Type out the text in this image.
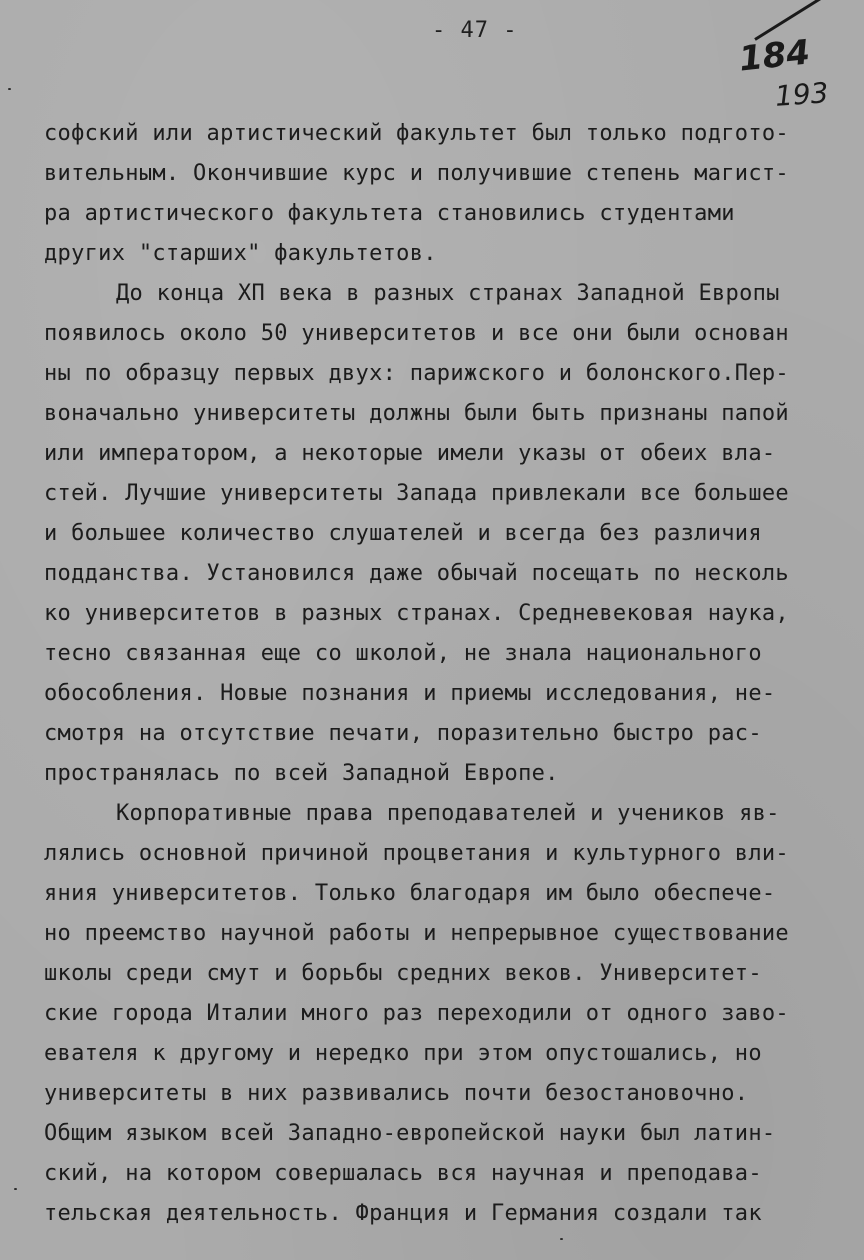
- 47 -
184
193
софский или артистический факультет был только подгото-
вительным. Окончившие курс и получившие степень магист-
ра артистического факультета становились студентами
других "старших" факультетов.
До конца XП века в разных странах Западной Европы
появилось около 50 университетов и все они были основан
ны по образцу первых двух: парижского и болонского.Пер-
воначально университеты должны были быть признаны папой
или императором, а некоторые имели указы от обеих вла-
стей. Лучшие университеты Запада привлекали все большее
и большее количество слушателей и всегда без различия
подданства. Установился даже обычай посещать по несколь
ко университетов в разных странах. Средневековая наука,
тесно связанная еще со школой, не знала национального
обособления. Новые познания и приемы исследования, не-
смотря на отсутствие печати, поразительно быстро рас-
пространялась по всей Западной Европе.
Корпоративные права преподавателей и учеников яв-
лялись основной причиной процветания и культурного вли-
яния университетов. Только благодаря им было обеспече-
но преемство научной работы и непрерывное существование
школы среди смут и борьбы средних веков. Университет-
ские города Италии много раз переходили от одного заво-
евателя к другому и нередко при этом опустошались, но
университеты в них развивались почти безостановочно.
Общим языком всей Западно-европейской науки был латин-
ский, на котором совершалась вся научная и преподава-
тельская деятельность. Франция и Германия создали так
